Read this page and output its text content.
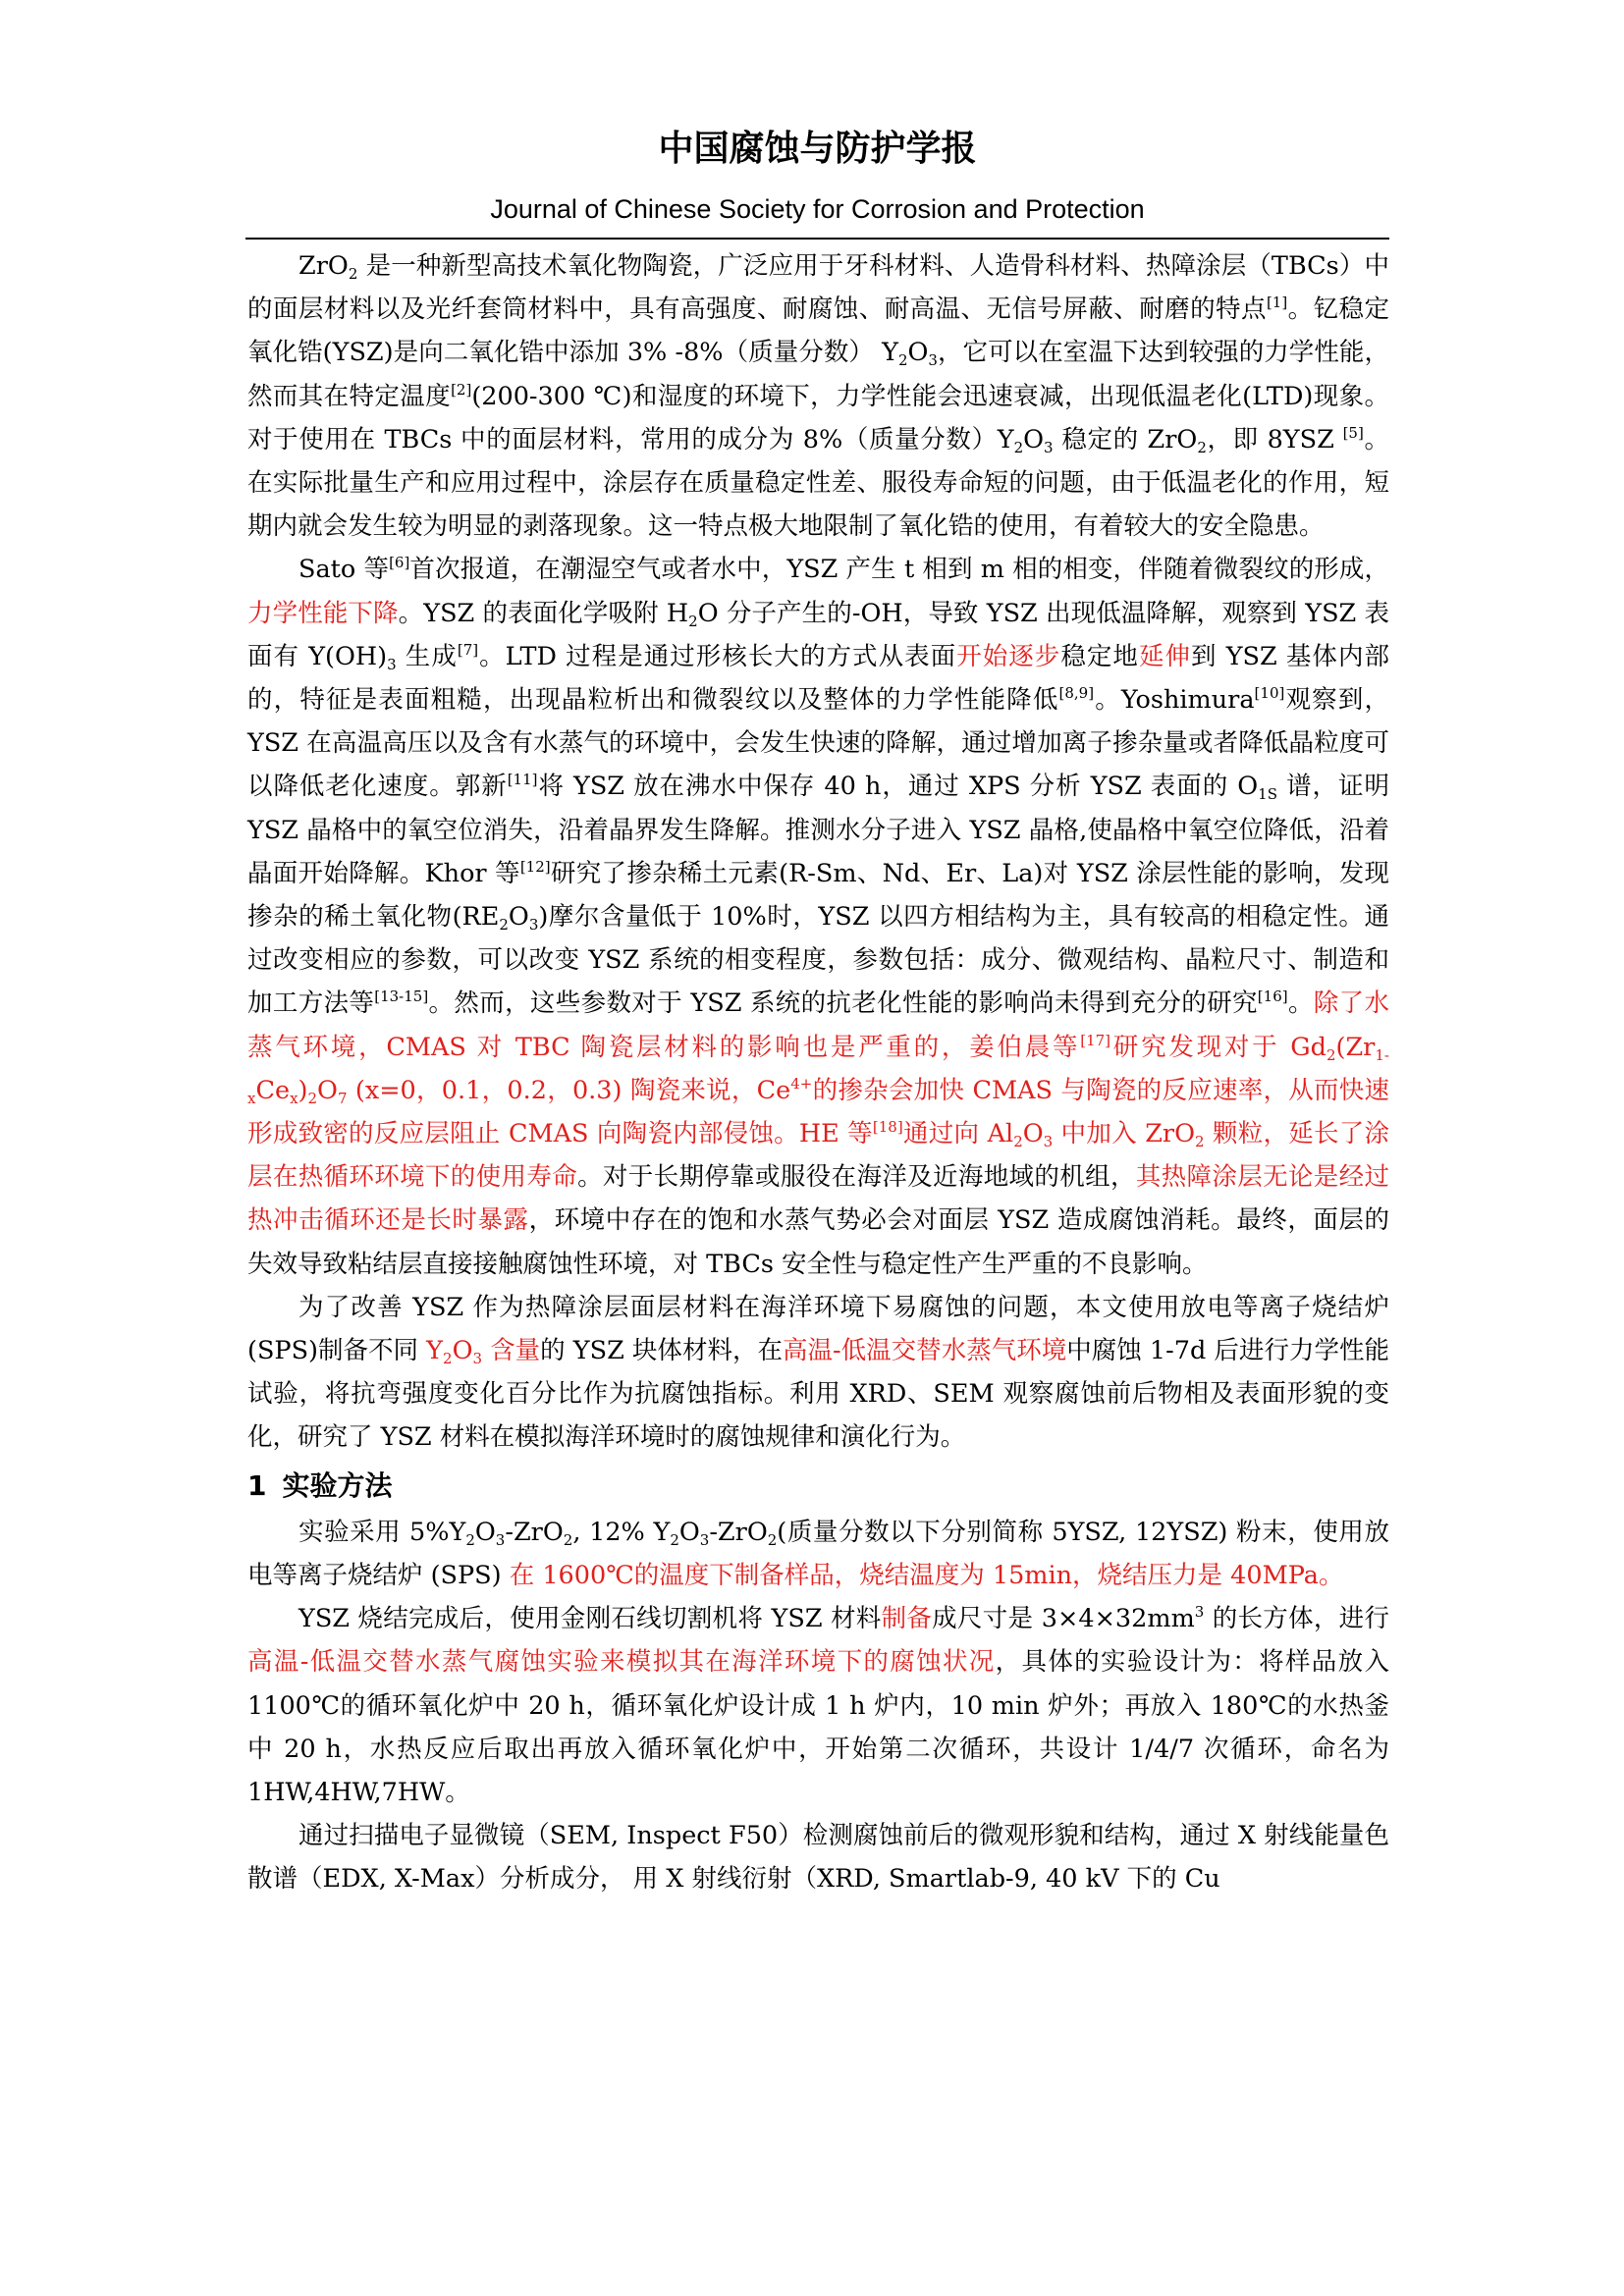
中国腐蚀与防护学报
Journal of Chinese Society for Corrosion and Protection

ZrO$_2$ 是一种新型高技术氧化物陶瓷，广泛应用于牙科材料、人造骨科材料、热障涂层（TBCs）中的面层材料以及光纤套筒材料中，具有高强度、耐腐蚀、耐高温、无信号屏蔽、耐磨的特点[1]。钇稳定氧化锆(YSZ)是向二氧化锆中添加 3% -8%（质量分数） $Y_2O_3$，它可以在室温下达到较强的力学性能，然而其在特定温度[2](200-300 ℃)和湿度的环境下，力学性能会迅速衰减，出现低温老化(LTD)现象。对于使用在 TBCs 中的面层材料，常用的成分为 8%（质量分数）$Y_2O_3$ 稳定的 ZrO$_2$，即 8YSZ [5]。在实际批量生产和应用过程中，涂层存在质量稳定性差、服役寿命短的问题，由于低温老化的作用，短期内就会发生较为明显的剥落现象。这一特点极大地限制了氧化锆的使用，有着较大的安全隐患。

Sato 等[6]首次报道，在潮湿空气或者水中，YSZ 产生 t 相到 m 相的相变，伴随着微裂纹的形成，力学性能下降。YSZ 的表面化学吸附 $H_2O$ 分子产生的-OH，导致 YSZ 出现低温降解，观察到 YSZ 表面有 $Y(OH)_3$ 生成[7]。LTD 过程是通过形核长大的方式从表面开始逐步稳定地延伸到 YSZ 基体内部的，特征是表面粗糙，出现晶粒析出和微裂纹以及整体的力学性能降低[8,9]。Yoshimura[10]观察到，YSZ 在高温高压以及含有水蒸气的环境中，会发生快速的降解，通过增加离子掺杂量或者降低晶粒度可以降低老化速度。郭新[11]将 YSZ 放在沸水中保存 40 h，通过 XPS 分析 YSZ 表面的 $O_{1S}$ 谱，证明 YSZ 晶格中的氧空位消失，沿着晶界发生降解。推测水分子进入 YSZ 晶格,使晶格中氧空位降低，沿着晶面开始降解。Khor 等[12]研究了掺杂稀土元素(R-Sm、Nd、Er、La)对 YSZ 涂层性能的影响，发现掺杂的稀土氧化物$(RE_2O_3)$摩尔含量低于 10%时，YSZ 以四方相结构为主，具有较高的相稳定性。通过改变相应的参数，可以改变 YSZ 系统的相变程度，参数包括：成分、微观结构、晶粒尺寸、制造和加工方法等[13-15]。然而，这些参数对于 YSZ 系统的抗老化性能的影响尚未得到充分的研究[16]。除了水蒸气环境，CMAS 对 TBC 陶瓷层材料的影响也是严重的，姜伯晨等[17]研究发现对于 $Gd_2(Zr_{1-x}Ce_x)_2O_7$ (x=0，0.1，0.2，0.3) 陶瓷来说，$Ce^{4+}$的掺杂会加快 CMAS 与陶瓷的反应速率，从而快速形成致密的反应层阻止 CMAS 向陶瓷内部侵蚀。HE 等[18]通过向 $Al_2O_3$ 中加入 ZrO$_2$ 颗粒，延长了涂层在热循环环境下的使用寿命。对于长期停靠或服役在海洋及近海地域的机组，其热障涂层无论是经过热冲击循环还是长时暴露，环境中存在的饱和水蒸气势必会对面层 YSZ 造成腐蚀消耗。最终，面层的失效导致粘结层直接接触腐蚀性环境，对 TBCs 安全性与稳定性产生严重的不良影响。

为了改善 YSZ 作为热障涂层面层材料在海洋环境下易腐蚀的问题，本文使用放电等离子烧结炉(SPS)制备不同 $Y_2O_3$ 含量的 YSZ 块体材料，在高温-低温交替水蒸气环境中腐蚀 1-7d 后进行力学性能试验，将抗弯强度变化百分比作为抗腐蚀指标。利用 XRD、SEM 观察腐蚀前后物相及表面形貌的变化，研究了 YSZ 材料在模拟海洋环境时的腐蚀规律和演化行为。

1 实验方法

实验采用 $5\%Y_2O_3-ZrO_2$, 12% $Y_2O_3-ZrO_2$(质量分数以下分别简称 5YSZ, 12YSZ) 粉末，使用放电等离子烧结炉 (SPS) 在 1600℃的温度下制备样品，烧结温度为 15min，烧结压力是 40MPa。

YSZ 烧结完成后，使用金刚石线切割机将 YSZ 材料制备成尺寸是 $3\times 4\times 32mm^3$ 的长方体，进行高温-低温交替水蒸气腐蚀实验来模拟其在海洋环境下的腐蚀状况，具体的实验设计为：将样品放入 1100℃的循环氧化炉中 20 h，循环氧化炉设计成 1 h 炉内，10 min 炉外；再放入 180℃的水热釜中 20 h，水热反应后取出再放入循环氧化炉中，开始第二次循环，共设计 1/4/7 次循环，命名为 1HW,4HW,7HW。

通过扫描电子显微镜（SEM, Inspect F50）检测腐蚀前后的微观形貌和结构，通过 X 射线能量色散谱（EDX, X-Max）分析成分， 用 X 射线衍射（XRD, Smartlab-9, 40 kV 下的 Cu
